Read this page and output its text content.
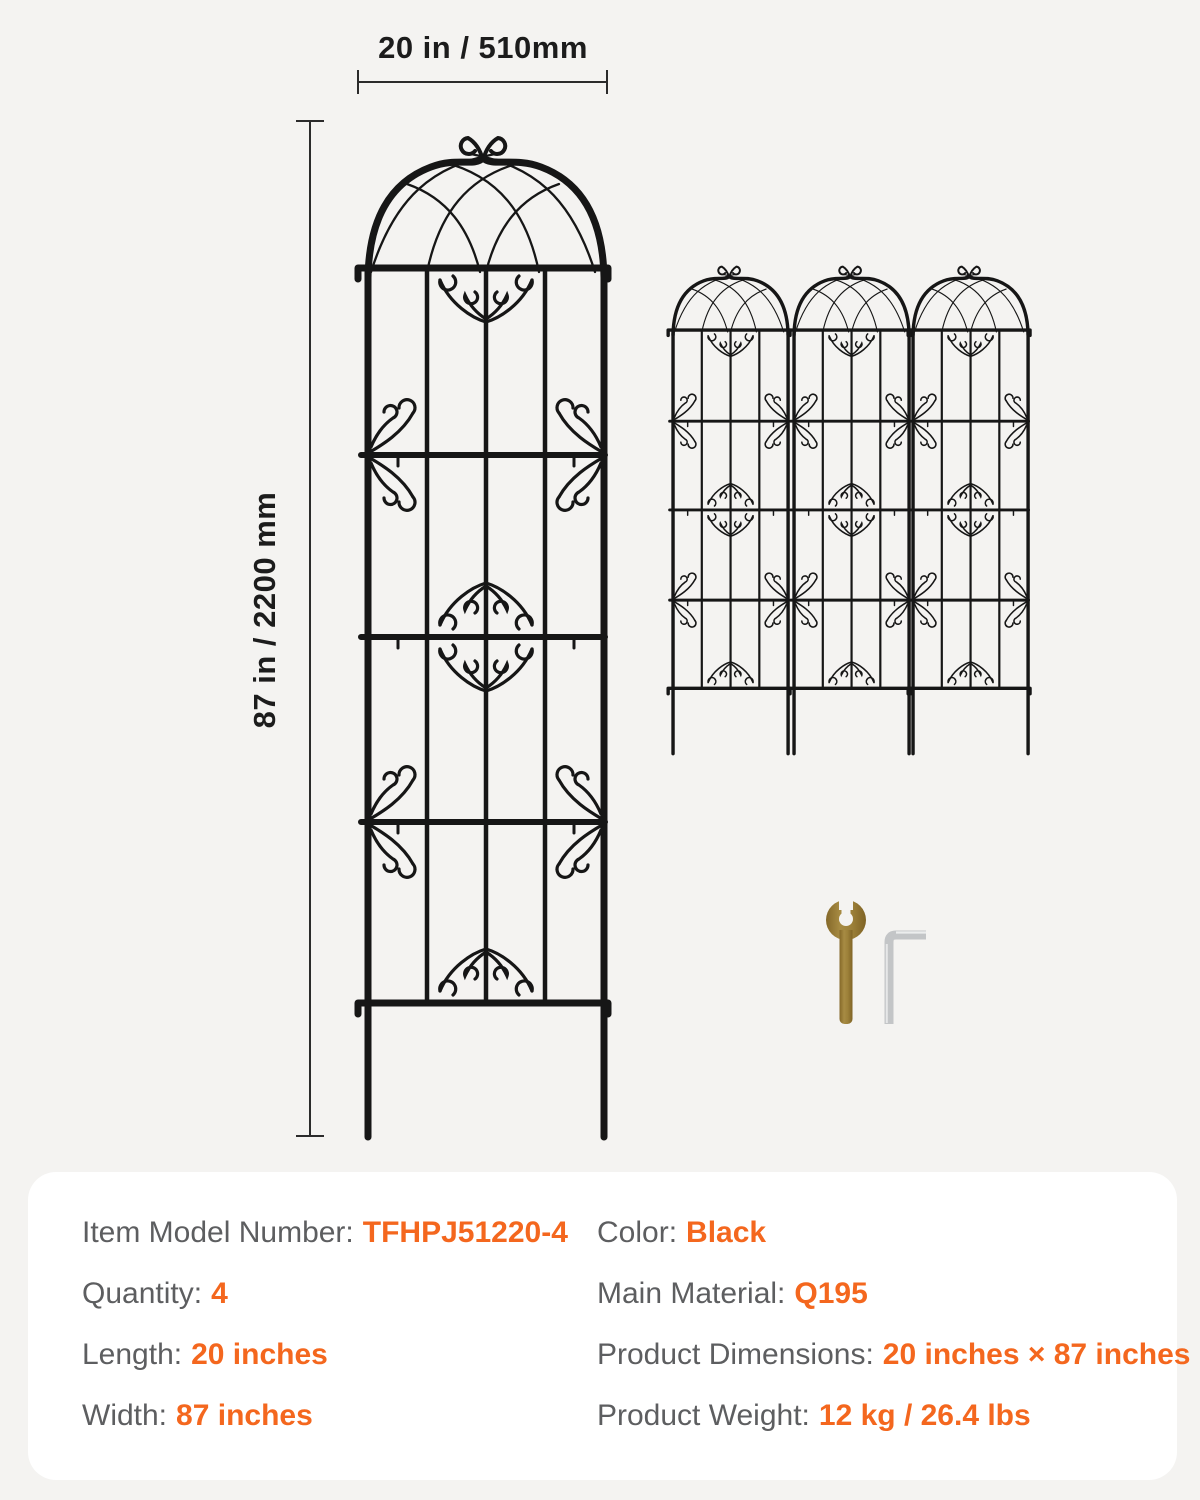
20 in / 510mm
87 in / 2200 mm
Item Model Number: TFHPJ51220-4
Quantity: 4
Length: 20 inches
Width: 87 inches
Color: Black
Main Material: Q195
Product Dimensions: 20 inches × 87 inches
Product Weight: 12 kg / 26.4 lbs
